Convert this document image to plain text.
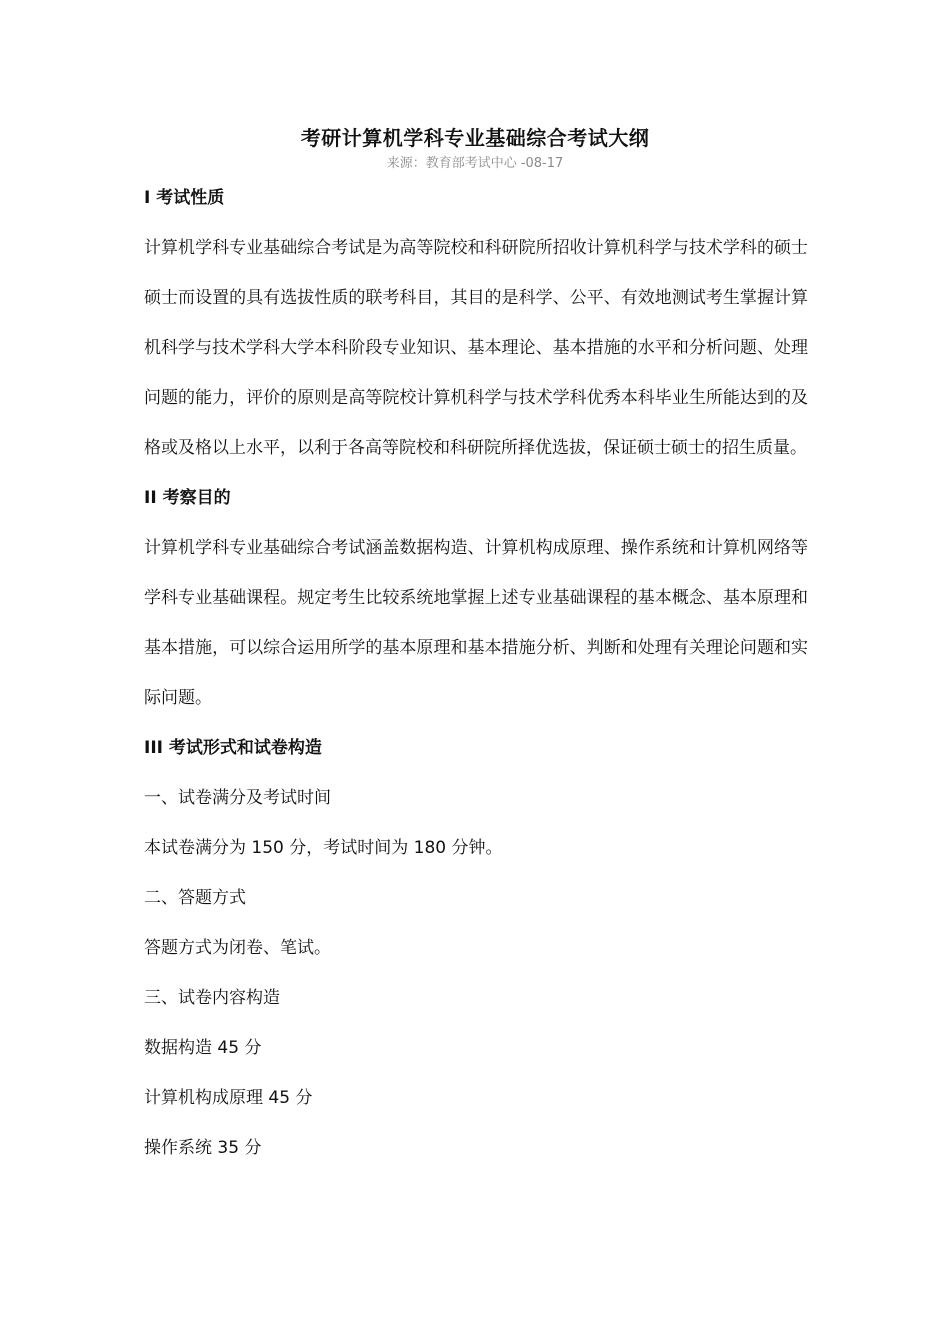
考研计算机学科专业基础综合考试大纲
来源：教育部考试中心 -08-17
I 考试性质
计算机学科专业基础综合考试是为高等院校和科研院所招收计算机科学与技术学科的硕士硕士而设置的具有选拔性质的联考科目，其目的是科学、公平、有效地测试考生掌握计算机科学与技术学科大学本科阶段专业知识、基本理论、基本措施的水平和分析问题、处理问题的能力，评价的原则是高等院校计算机科学与技术学科优秀本科毕业生所能达到的及格或及格以上水平，以利于各高等院校和科研院所择优选拔，保证硕士硕士的招生质量。
II 考察目的
计算机学科专业基础综合考试涵盖数据构造、计算机构成原理、操作系统和计算机网络等学科专业基础课程。规定考生比较系统地掌握上述专业基础课程的基本概念、基本原理和基本措施，可以综合运用所学的基本原理和基本措施分析、判断和处理有关理论问题和实际问题。
III 考试形式和试卷构造
一、试卷满分及考试时间
本试卷满分为 150 分，考试时间为 180 分钟。
二、答题方式
答题方式为闭卷、笔试。
三、试卷内容构造
数据构造 45 分
计算机构成原理 45 分
操作系统 35 分
